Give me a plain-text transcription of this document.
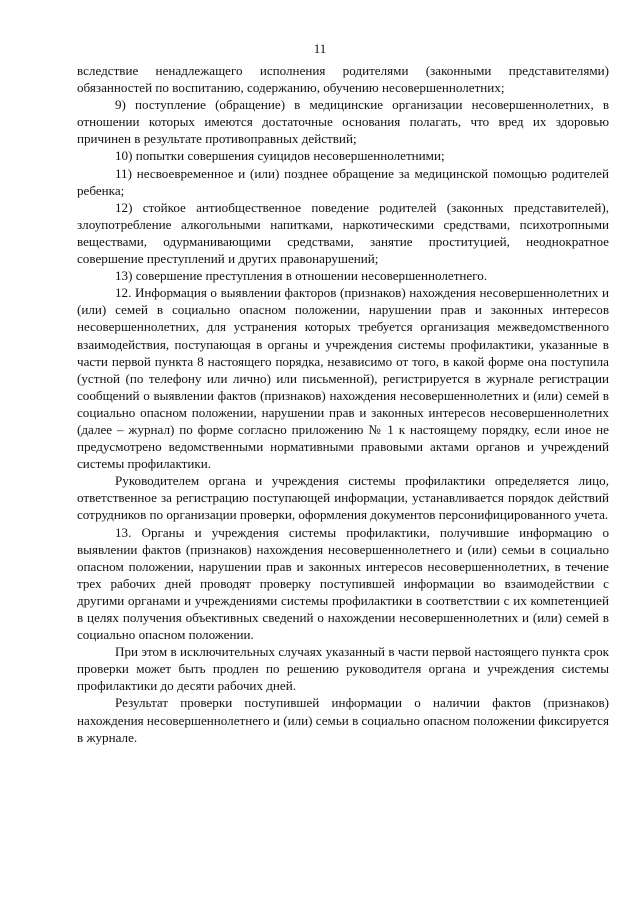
11

вследствие ненадлежащего исполнения родителями (законными представителями) обязанностей по воспитанию, содержанию, обучению несовершеннолетних;

9) поступление (обращение) в медицинские организации несовершеннолетних, в отношении которых имеются достаточные основания полагать, что вред их здоровью причинен в результате противоправных действий;

10) попытки совершения суицидов несовершеннолетними;

11) несвоевременное и (или) позднее обращение за медицинской помощью родителей ребенка;

12) стойкое антиобщественное поведение родителей (законных представителей), злоупотребление алкогольными напитками, наркотическими средствами, психотропными веществами, одурманивающими средствами, занятие проституцией, неоднократное совершение преступлений и других правонарушений;

13) совершение преступления в отношении несовершеннолетнего.

12. Информация о выявлении факторов (признаков) нахождения несовершеннолетних и (или) семей в социально опасном положении, нарушении прав и законных интересов несовершеннолетних, для устранения которых требуется организация межведомственного взаимодействия, поступающая в органы и учреждения системы профилактики, указанные в части первой пункта 8 настоящего порядка, независимо от того, в какой форме она поступила (устной (по телефону или лично) или письменной), регистрируется в журнале регистрации сообщений о выявлении фактов (признаков) нахождения несовершеннолетних и (или) семей в социально опасном положении, нарушении прав и законных интересов несовершеннолетних (далее – журнал) по форме согласно приложению № 1 к настоящему порядку, если иное не предусмотрено ведомственными нормативными правовыми актами органов и учреждений системы профилактики.

Руководителем органа и учреждения системы профилактики определяется лицо, ответственное за регистрацию поступающей информации, устанавливается порядок действий сотрудников по организации проверки, оформления документов персонифицированного учета.

13. Органы и учреждения системы профилактики, получившие информацию о выявлении фактов (признаков) нахождения несовершеннолетнего и (или) семьи в социально опасном положении, нарушении прав и законных интересов несовершеннолетних, в течение трех рабочих дней проводят проверку поступившей информации во взаимодействии с другими органами и учреждениями системы профилактики в соответствии с их компетенцией в целях получения объективных сведений о нахождении несовершеннолетних и (или) семей в социально опасном положении.

При этом в исключительных случаях указанный в части первой настоящего пункта срок проверки может быть продлен по решению руководителя органа и учреждения системы профилактики до десяти рабочих дней.

Результат проверки поступившей информации о наличии фактов (признаков) нахождения несовершеннолетнего и (или) семьи в социально опасном положении фиксируется в журнале.
